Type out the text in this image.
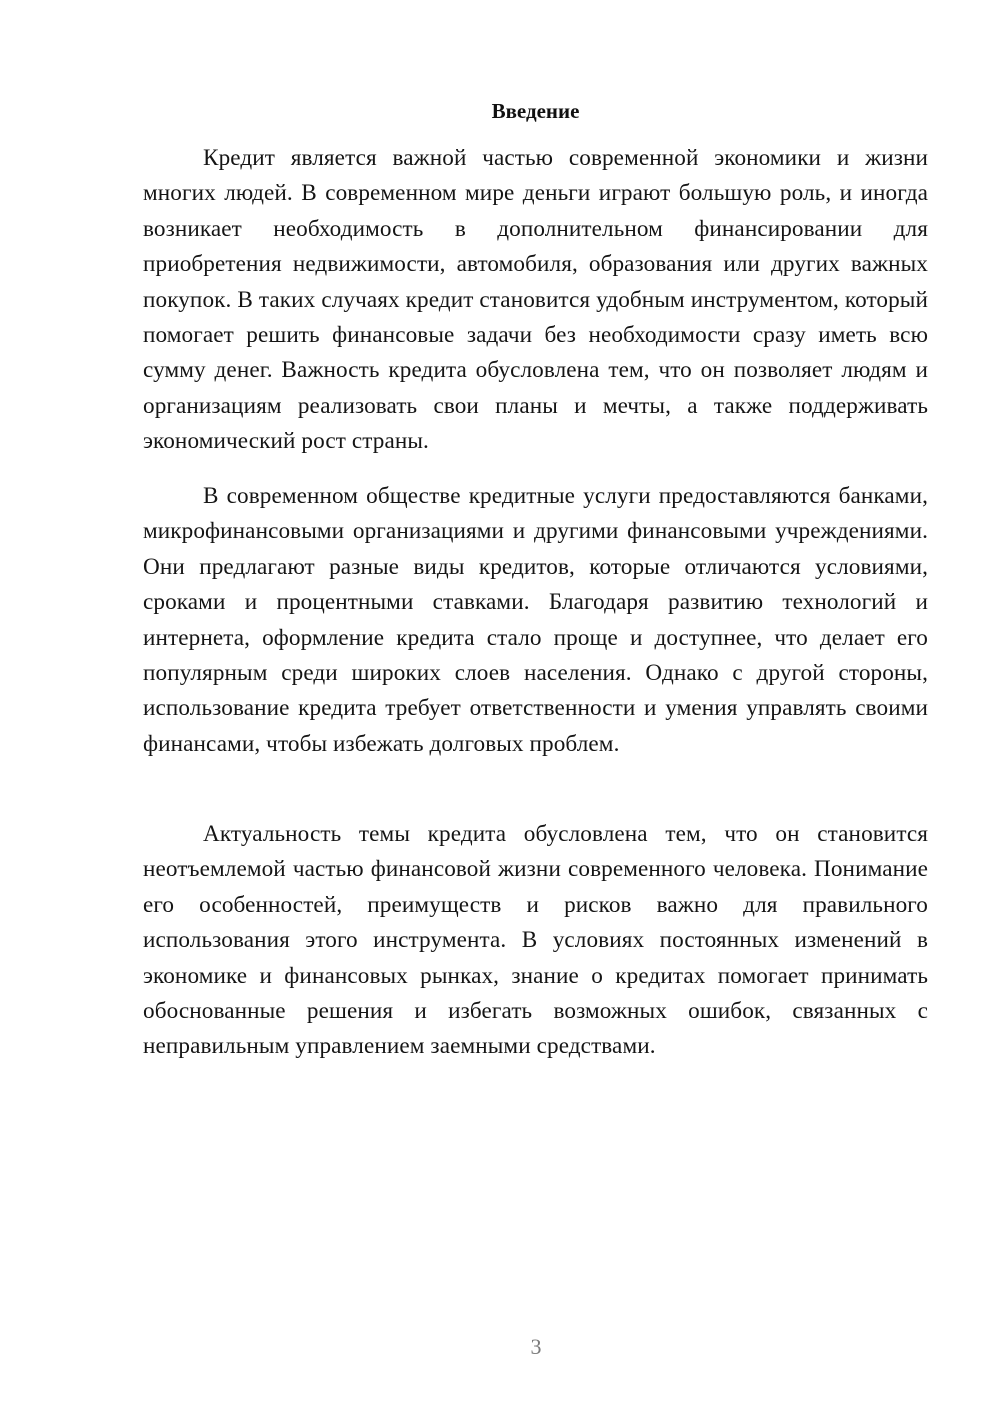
Введение

Кредит является важной частью современной экономики и жизни многих людей. В современном мире деньги играют большую роль, и иногда возникает необходимость в дополнительном финансировании для приобретения недвижимости, автомобиля, образования или других важных покупок. В таких случаях кредит становится удобным инструментом, который помогает решить финансовые задачи без необходимости сразу иметь всю сумму денег. Важность кредита обусловлена тем, что он позволяет людям и организациям реализовать свои планы и мечты, а также поддерживать экономический рост страны.

В современном обществе кредитные услуги предоставляются банками, микрофинансовыми организациями и другими финансовыми учреждениями. Они предлагают разные виды кредитов, которые отличаются условиями, сроками и процентными ставками. Благодаря развитию технологий и интернета, оформление кредита стало проще и доступнее, что делает его популярным среди широких слоев населения. Однако с другой стороны, использование кредита требует ответственности и умения управлять своими финансами, чтобы избежать долговых проблем.

Актуальность темы кредита обусловлена тем, что он становится неотъемлемой частью финансовой жизни современного человека. Понимание его особенностей, преимуществ и рисков важно для правильного использования этого инструмента. В условиях постоянных изменений в экономике и финансовых рынках, знание о кредитах помогает принимать обоснованные решения и избегать возможных ошибок, связанных с неправильным управлением заемными средствами.

3
